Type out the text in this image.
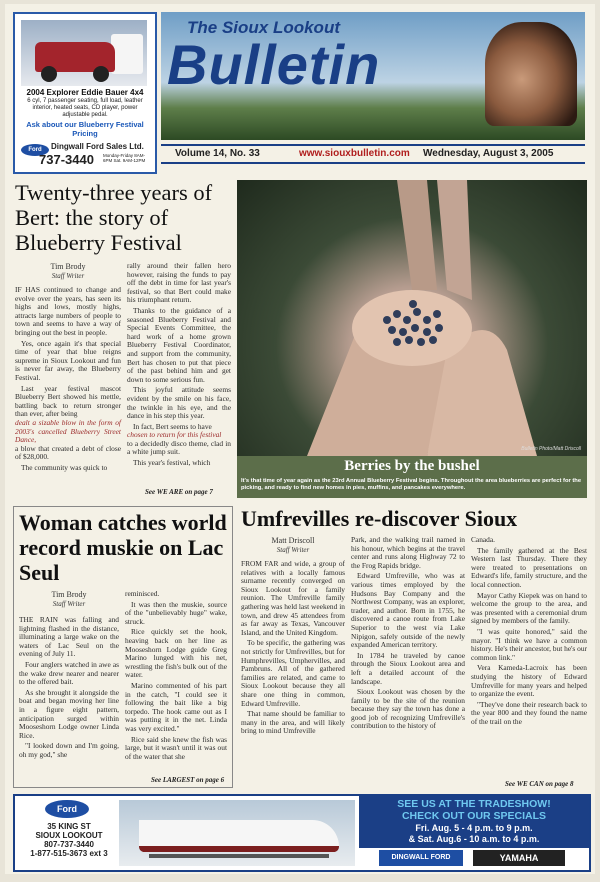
2004 Explorer Eddie Bauer 4x4
6 cyl, 7 passenger seating, full load, leather interior, heated seats, CD player, power adjustable pedal.
Ask about our Blueberry Festival Pricing
Ford	Dingwall Ford Sales Ltd.
737-3440 Monday-Friday 8AM-6PM Sat. 9AM-12PM
The Sioux Lookout
Bulletin
Volume 14, No. 33	www.siouxbulletin.com Wednesday, August 3, 2005
Twenty-three years of Bert: the story of Blueberry Festival
Tim Brody
Staff Writer

IF HAS continued to change and evolve over the years, has seen its highs and lows, mostly highs, attracts large numbers of people to town and seems to have a way of bringing out the best in people.

Yes, once again it's that special time of year that blue reigns supreme in Sioux Lookout and fun is never far away, the Blueberry Festival.

Last year festival mascot Blueberry Bert showed his mettle, battling back to return stronger than ever, after being

dealt a sizable blow in the form of 2003's cancelled Blueberry Street Dance,

a blow that created a debt of close of $28,000.

The community was quick to

rally around their fallen hero however, raising the funds to pay off the debt in time for last year's festival, so that Bert could make his triumphant return.

Thanks to the guidance of a seasoned Blueberry Festival and Special Events Committee, the hard work of a home grown Blueberry Festival Coordinator, and support from the community, Bert has chosen to put that piece of the past behind him and get down to some serious fun.

This joyful attitude seems evident by the smile on his face, the twinkle in his eye, and the dance in his step this year.

In fact, Bert seems to have

chosen to return for this festival

to a decidedly disco theme, clad in a white jump suit.

This year's festival, which

See WE ARE on page 7
Bulletin Photo/Matt Driscoll
Berries by the bushel
It's that time of year again as the 23rd Annual Blueberry Festival begins. Throughout the area blueberries are perfect for the picking, and ready to find new homes in pies, muffins, and pancakes everywhere.
Woman catches world record muskie on Lac Seul
Tim Brody
Staff Writer

THE RAIN was falling and lightning flashed in the distance, illuminating a large wake on the waters of Lac Seul on the evening of July 11.

Four anglers watched in awe as the wake drew nearer and nearer to the offered bait.

As she brought it alongside the boat and began moving her line in a figure eight pattern, anticipation surged within Mooseshorn Lodge owner Linda Rice.

"I looked down and I'm going, oh my god," she

reminisced.

It was then the muskie, source of the "unbelievably huge" wake, struck.

Rice quickly set the hook, heaving back on her line as Mooseshorn Lodge guide Greg Marino lunged with his net, wrestling the fish's bulk out of the water.

Marino commented of his part in the catch, "I could see it following the bait like a big torpedo. The hook came out as I was putting it in the net. Linda was very excited."

Rice said she knew the fish was large, but it wasn't until it was out of the water that she

See LARGEST on page 6
Umfrevilles re-discover Sioux
Matt Driscoll
Staff Writer

FROM FAR and wide, a group of relatives with a locally famous surname recently converged on Sioux Lookout for a family reunion. The Umfreville family gathering was held last weekend in town, and drew 45 attendees from as far away as Texas, Vancouver Island, and the United Kingdom.

To be specific, the gathering was not strictly for Umfrevilles, but for Humphrevilles, Umphervilles, and Pambruns. All of the gathered families are related, and came to Sioux Lookout because they all share one thing in common, Edward Umfreville.

That name should be familiar to many in the area, and will likely bring to mind Umfreville

Park, and the walking trail named in his honour, which begins at the travel center and runs along Highway 72 to the Frog Rapids bridge.

Edward Umfreville, who was at various times employed by the Hudsons Bay Company and the Northwest Company, was an explorer, trader, and author. Born in 1755, he discovered a canoe route from Lake Superior to the west via Lake Nipigon, safely outside of the newly expanded American territory.

In 1784 he traveled by canoe through the Sioux Lookout area and left a detailed account of the landscape.

Sioux Lookout was chosen by the family to be the site of the reunion because they say the town has done a good job of recognizing Umfreville's contribution to the history of

Canada.

The family gathered at the Best Western last Thursday. There they were treated to presentations on Edward's life, family structure, and the local connection.

Mayor Cathy Kiepek was on hand to welcome the group to the area, and was presented with a ceremonial drum signed by members of the family.

"I was quite honored," said the mayor. "I think we have a common history. He's their ancestor, but he's our common link."

Vera Kameda-Lacroix has been studying the history of Edward Umfreville for many years and helped to organize the event.

"They've done their research back to the year 800 and they found the name of the trail on the

See WE CAN on page 8
Ford
35 KING ST
SIOUX LOOKOUT
807-737-3440
1-877-515-3673 ext 3
SEE US AT THE TRADESHOW!
CHECK OUT OUR SPECIALS
Fri. Aug. 5 - 4 p.m. to 9 p.m.
& Sat. Aug.6 - 10 a.m. to 4 p.m.
DINGWALL FORD	YAMAHA
